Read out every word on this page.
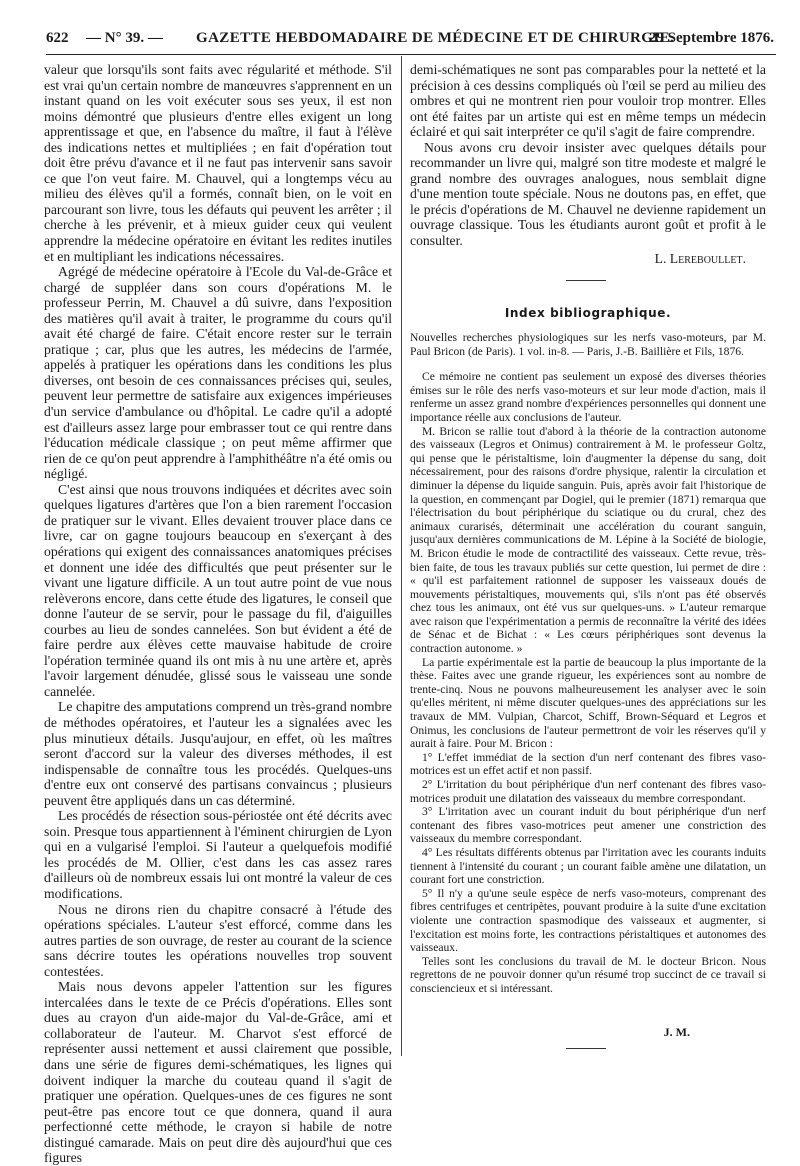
622 — N° 39. — GAZETTE HEBDOMADAIRE DE MÉDECINE ET DE CHIRURGIE.
29 Septembre 1876.

valeur que lorsqu'ils sont faits avec régularité et méthode. S'il est vrai qu'un certain nombre de manœuvres s'apprennent en un instant quand on les voit exécuter sous ses yeux, il est non moins démontré que plusieurs d'entre elles exigent un long apprentissage et que, en l'absence du maître, il faut à l'élève des indications nettes et multipliées ; en fait d'opération tout doit être prévu d'avance et il ne faut pas intervenir sans savoir ce que l'on veut faire. M. Chauvel, qui a longtemps vécu au milieu des élèves qu'il a formés, connaît bien, on le voit en parcourant son livre, tous les défauts qui peuvent les arrêter ; il cherche à les prévenir, et à mieux guider ceux qui veulent apprendre la médecine opératoire en évitant les redites inutiles et en multipliant les indications nécessaires.

Agrégé de médecine opératoire à l'Ecole du Val-de-Grâce et chargé de suppléer dans son cours d'opérations M. le professeur Perrin, M. Chauvel a dû suivre, dans l'exposition des matières qu'il avait à traiter, le programme du cours qu'il avait été chargé de faire. C'était encore rester sur le terrain pratique ; car, plus que les autres, les médecins de l'armée, appelés à pratiquer les opérations dans les conditions les plus diverses, ont besoin de ces connaissances précises qui, seules, peuvent leur permettre de satisfaire aux exigences impérieuses d'un service d'ambulance ou d'hôpital. Le cadre qu'il a adopté est d'ailleurs assez large pour embrasser tout ce qui rentre dans l'éducation médicale classique ; on peut même affirmer que rien de ce qu'on peut apprendre à l'amphithéâtre n'a été omis ou négligé.

C'est ainsi que nous trouvons indiquées et décrites avec soin quelques ligatures d'artères que l'on a bien rarement l'occasion de pratiquer sur le vivant. Elles devaient trouver place dans ce livre, car on gagne toujours beaucoup en s'exerçant à des opérations qui exigent des connaissances anatomiques précises et donnent une idée des difficultés que peut présenter sur le vivant une ligature difficile. A un tout autre point de vue nous relèverons encore, dans cette étude des ligatures, le conseil que donne l'auteur de se servir, pour le passage du fil, d'aiguilles courbes au lieu de sondes cannelées. Son but évident a été de faire perdre aux élèves cette mauvaise habitude de croire l'opération terminée quand ils ont mis à nu une artère et, après l'avoir largement dénudée, glissé sous le vaisseau une sonde cannelée.

Le chapitre des amputations comprend un très-grand nombre de méthodes opératoires, et l'auteur les a signalées avec les plus minutieux détails. Jusqu'aujour, en effet, où les maîtres seront d'accord sur la valeur des diverses méthodes, il est indispensable de connaître tous les procédés. Quelques-uns d'entre eux ont conservé des partisans convaincus ; plusieurs peuvent être appliqués dans un cas déterminé.

Les procédés de résection sous-périostée ont été décrits avec soin. Presque tous appartiennent à l'éminent chirurgien de Lyon qui en a vulgarisé l'emploi. Si l'auteur a quelquefois modifié les procédés de M. Ollier, c'est dans les cas assez rares d'ailleurs où de nombreux essais lui ont montré la valeur de ces modifications.

Nous ne dirons rien du chapitre consacré à l'étude des opérations spéciales. L'auteur s'est efforcé, comme dans les autres parties de son ouvrage, de rester au courant de la science sans décrire toutes les opérations nouvelles trop souvent contestées.

Mais nous devons appeler l'attention sur les figures intercalées dans le texte de ce Précis d'opérations. Elles sont dues au crayon d'un aide-major du Val-de-Grâce, ami et collaborateur de l'auteur. M. Charvot s'est efforcé de représenter aussi nettement et aussi clairement que possible, dans une série de figures demi-schématiques, les lignes qui doivent indiquer la marche du couteau quand il s'agit de pratiquer une opération. Quelques-unes de ces figures ne sont peut-être pas encore tout ce que donnera, quand il aura perfectionné cette méthode, le crayon si habile de notre distingué camarade. Mais on peut dire dès aujourd'hui que ces figures

demi-schématiques ne sont pas comparables pour la netteté et la précision à ces dessins compliqués où l'œil se perd au milieu des ombres et qui ne montrent rien pour vouloir trop montrer. Elles ont été faites par un artiste qui est en même temps un médecin éclairé et qui sait interpréter ce qu'il s'agit de faire comprendre.

Nous avons cru devoir insister avec quelques détails pour recommander un livre qui, malgré son titre modeste et malgré le grand nombre des ouvrages analogues, nous semblait digne d'une mention toute spéciale. Nous ne doutons pas, en effet, que le précis d'opérations de M. Chauvel ne devienne rapidement un ouvrage classique. Tous les étudiants auront goût et profit à le consulter.

L. Lereboullet.
Index bibliographique.

Nouvelles recherches physiologiques sur les nerfs vaso-moteurs, par M. Paul Bricon (de Paris). 1 vol. in-8. — Paris, J.-B. Baillière et Fils, 1876.

Ce mémoire ne contient pas seulement un exposé des diverses théories émises sur le rôle des nerfs vaso-moteurs et sur leur mode d'action, mais il renferme un assez grand nombre d'expériences personnelles qui donnent une importance réelle aux conclusions de l'auteur.

M. Bricon se rallie tout d'abord à la théorie de la contraction autonome des vaisseaux (Legros et Onimus) contrairement à M. le professeur Goltz, qui pense que le péristaltisme, loin d'augmenter la dépense du sang, doit nécessairement, pour des raisons d'ordre physique, ralentir la circulation et diminuer la dépense du liquide sanguin. Puis, après avoir fait l'historique de la question, en commençant par Dogiel, qui le premier (1871) remarqua que l'électrisation du bout périphérique du sciatique ou du crural, chez des animaux curarisés, déterminait une accélération du courant sanguin, jusqu'aux dernières communications de M. Lépine à la Société de biologie, M. Bricon étudie le mode de contractilité des vaisseaux. Cette revue, très-bien faite, de tous les travaux publiés sur cette question, lui permet de dire : « qu'il est parfaitement rationnel de supposer les vaisseaux doués de mouvements péristaltiques, mouvements qui, s'ils n'ont pas été observés chez tous les animaux, ont été vus sur quelques-uns. » L'auteur remarque avec raison que l'expérimentation a permis de reconnaître la vérité des idées de Sénac et de Bichat : « Les cœurs périphériques sont devenus la contraction autonome. »

La partie expérimentale est la partie de beaucoup la plus importante de la thèse. Faites avec une grande rigueur, les expériences sont au nombre de trente-cinq. Nous ne pouvons malheureusement les analyser avec le soin qu'elles méritent, ni même discuter quelques-unes des appréciations sur les travaux de MM. Vulpian, Charcot, Schiff, Brown-Séquard et Legros et Onimus, les conclusions de l'auteur permettront de voir les réserves qu'il y aurait à faire. Pour M. Bricon :

1° L'effet immédiat de la section d'un nerf contenant des fibres vaso-motrices est un effet actif et non passif.

2° L'irritation du bout périphérique d'un nerf contenant des fibres vaso-motrices produit une dilatation des vaisseaux du membre correspondant.

3° L'irritation avec un courant induit du bout périphérique d'un nerf contenant des fibres vaso-motrices peut amener une constriction des vaisseaux du membre correspondant.

4° Les résultats différents obtenus par l'irritation avec les courants induits tiennent à l'intensité du courant ; un courant faible amène une dilatation, un courant fort une constriction.

5° Il n'y a qu'une seule espèce de nerfs vaso-moteurs, comprenant des fibres centrifuges et centripètes, pouvant produire à la suite d'une excitation violente une contraction spasmodique des vaisseaux et augmenter, si l'excitation est moins forte, les contractions péristaltiques et autonomes des vaisseaux.

Telles sont les conclusions du travail de M. le docteur Bricon. Nous regrettons de ne pouvoir donner qu'un résumé trop succinct de ce travail si consciencieux et si intéressant.

J. M.
